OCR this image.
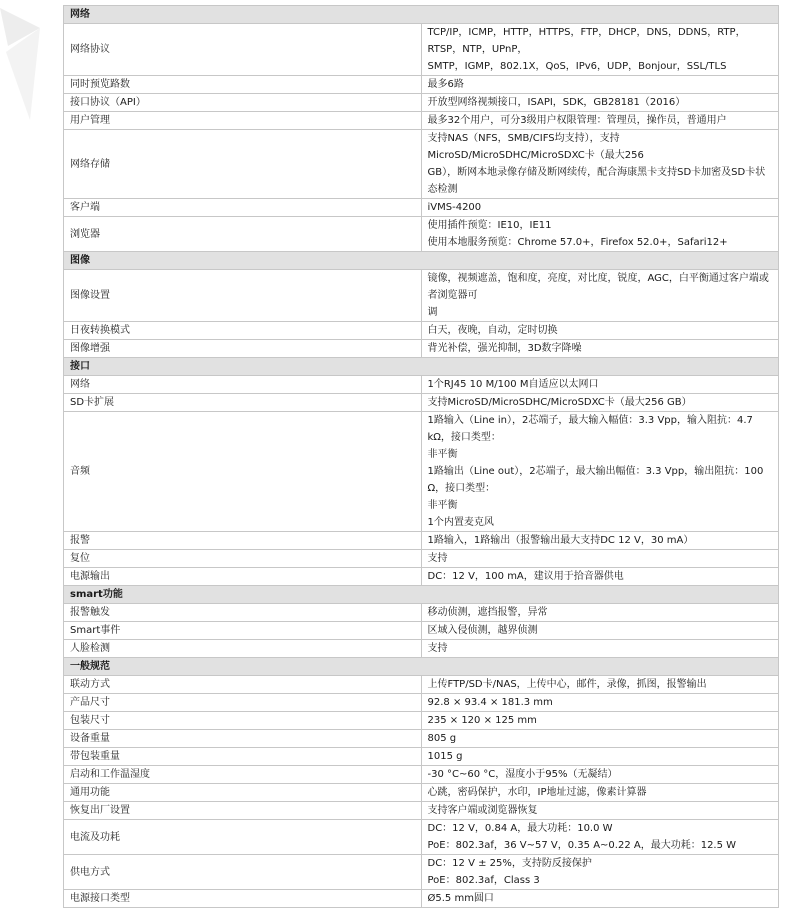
网络	
网络协议	TCP/IP，ICMP，HTTP，HTTPS，FTP，DHCP，DNS，DDNS，RTP，RTSP，NTP，UPnP，
SMTP，IGMP，802.1X，QoS，IPv6，UDP，Bonjour，SSL/TLS

同时预览路数	最多6路

接口协议（API）	开放型网络视频接口，ISAPI，SDK，GB28181（2016）

用户管理	最多32个用户，可分3级用户权限管理：管理员，操作员，普通用户

网络存储	支持NAS（NFS，SMB/CIFS均支持），支持MicroSD/MicroSDHC/MicroSDXC卡（最大256
GB），断网本地录像存储及断网续传，配合海康黑卡支持SD卡加密及SD卡状态检测

客户端	iVMS-4200

浏览器	使用插件预览：IE10，IE11
使用本地服务预览：Chrome 57.0+，Firefox 52.0+，Safari12+

图像	
图像设置	镜像，视频遮盖，饱和度，亮度，对比度，锐度，AGC，白平衡通过客户端或者浏览器可
调

日夜转换模式	白天，夜晚，自动，定时切换

图像增强	背光补偿，强光抑制，3D数字降噪

接口	
网络	1个RJ45 10 M/100 M自适应以太网口

SD卡扩展	支持MicroSD/MicroSDHC/MicroSDXC卡（最大256 GB）

音频	1路输入（Line in），2芯端子，最大输入幅值：3.3 Vpp，输入阻抗：4.7 kΩ，接口类型：
非平衡
1路输出（Line out），2芯端子，最大输出幅值：3.3 Vpp，输出阻抗：100 Ω，接口类型：
非平衡
1个内置麦克风

报警	1路输入，1路输出（报警输出最大支持DC 12 V，30 mA）

复位	支持

电源输出	DC：12 V，100 mA，建议用于拾音器供电

smart功能	
报警触发	移动侦测，遮挡报警，异常

Smart事件	区域入侵侦测，越界侦测

人脸检测	支持

一般规范	
联动方式	上传FTP/SD卡/NAS，上传中心，邮件，录像，抓图，报警输出

产品尺寸	92.8 × 93.4 × 181.3 mm

包装尺寸	235 × 120 × 125 mm

设备重量	805 g

带包装重量	1015 g

启动和工作温湿度	-30 °C~60 °C，湿度小于95%（无凝结）

通用功能	心跳，密码保护，水印，IP地址过滤，像素计算器

恢复出厂设置	支持客户端或浏览器恢复

电流及功耗	DC：12 V，0.84 A，最大功耗：10.0 W
PoE：802.3af，36 V~57 V，0.35 A~0.22 A，最大功耗：12.5 W

供电方式	DC：12 V ± 25%，支持防反接保护
PoE：802.3af，Class 3

电源接口类型	Ø5.5 mm圆口
